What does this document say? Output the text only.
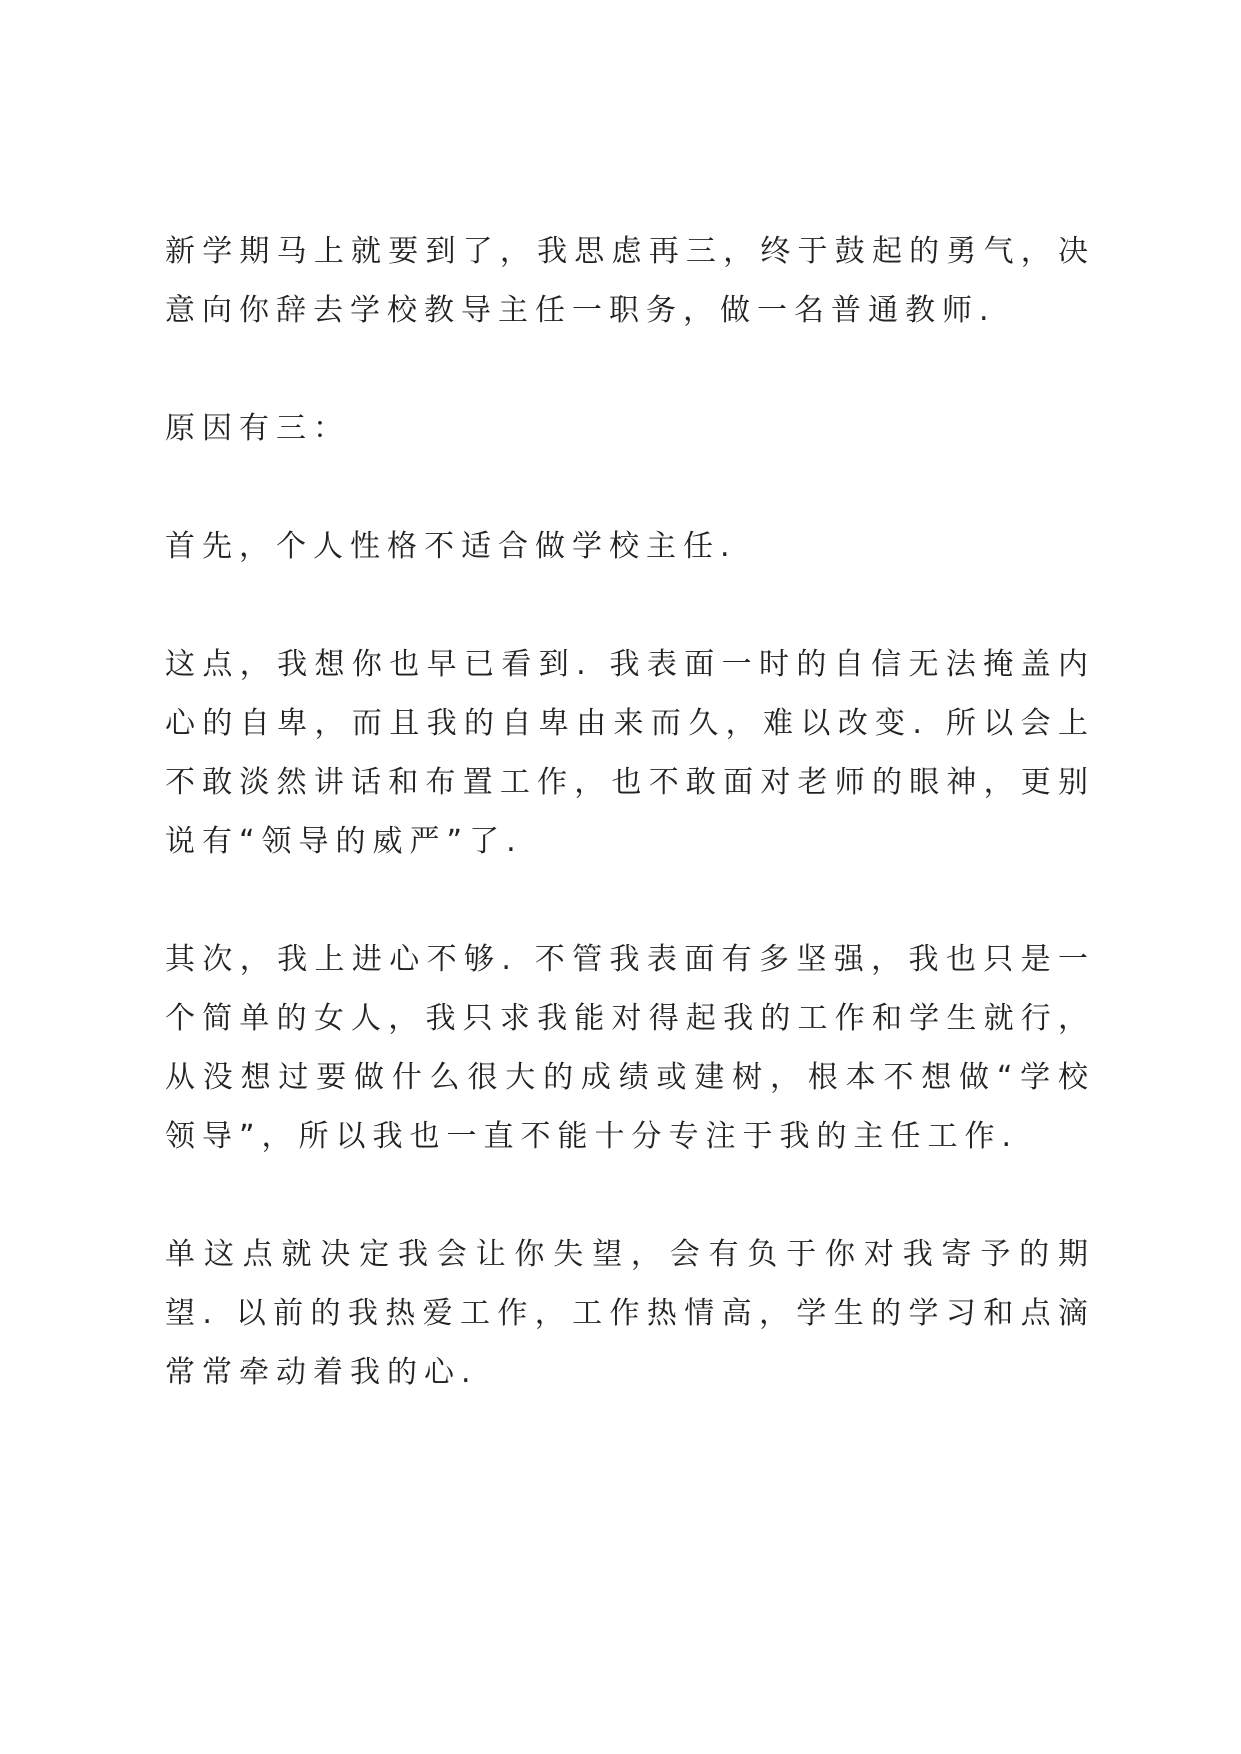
新学期马上就要到了，我思虑再三，终于鼓起的勇气，决意向你辞去学校教导主任一职务，做一名普通教师.

原因有三：

首先，个人性格不适合做学校主任.

这点，我想你也早已看到. 我表面一时的自信无法掩盖内心的自卑，而且我的自卑由来而久，难以改变. 所以会上不敢淡然讲话和布置工作，也不敢面对老师的眼神，更别说有“领导的威严”了.

其次，我上进心不够. 不管我表面有多坚强，我也只是一个简单的女人，我只求我能对得起我的工作和学生就行，从没想过要做什么很大的成绩或建树，根本不想做“学校领导”，所以我也一直不能十分专注于我的主任工作.

单这点就决定我会让你失望，会有负于你对我寄予的期望. 以前的我热爱工作，工作热情高，学生的学习和点滴常常牵动着我的心.
